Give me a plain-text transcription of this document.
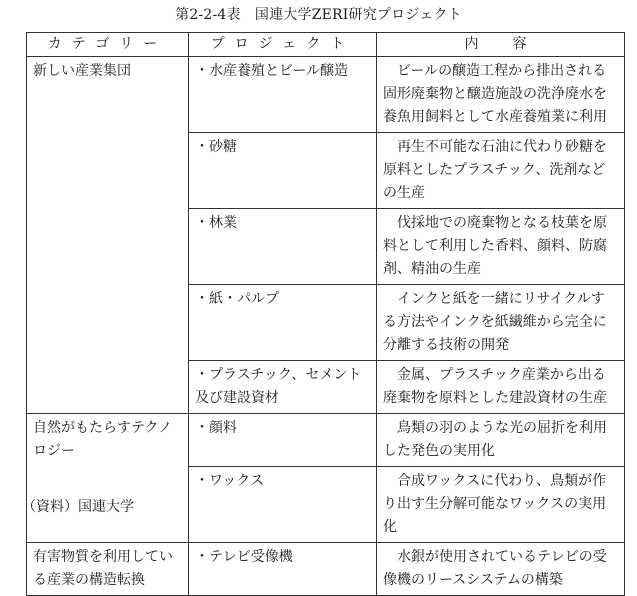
第2-2-4表　国連大学ZERI研究プロジェクト
カテゴリー	プロジェクト	内　容
新しい産業集団	・水産養殖とビール醸造	ビールの醸造工程から排出される固形廃棄物と醸造施設の洗浄廃水を養魚用飼料として水産養殖業に利用
	・砂糖	再生不可能な石油に代わり砂糖を原料としたプラスチック、洗剤などの生産
	・林業	伐採地での廃棄物となる枝葉を原料として利用した香料、顔料、防腐剤、精油の生産
	・紙・パルプ	インクと紙を一緒にリサイクルする方法やインクを紙繊維から完全に分離する技術の開発
	・プラスチック、セメント及び建設資材	金属、プラスチック産業から出る廃棄物を原料とした建設資材の生産
自然がもたらすテクノロジー	・顔料	鳥類の羽のような光の屈折を利用した発色の実用化
	・ワックス	合成ワックスに代わり、鳥類が作り出す生分解可能なワックスの実用化
有害物質を利用している産業の構造転換	・テレビ受像機	水銀が使用されているテレビの受像機のリースシステムの構築
（資料）国連大学
